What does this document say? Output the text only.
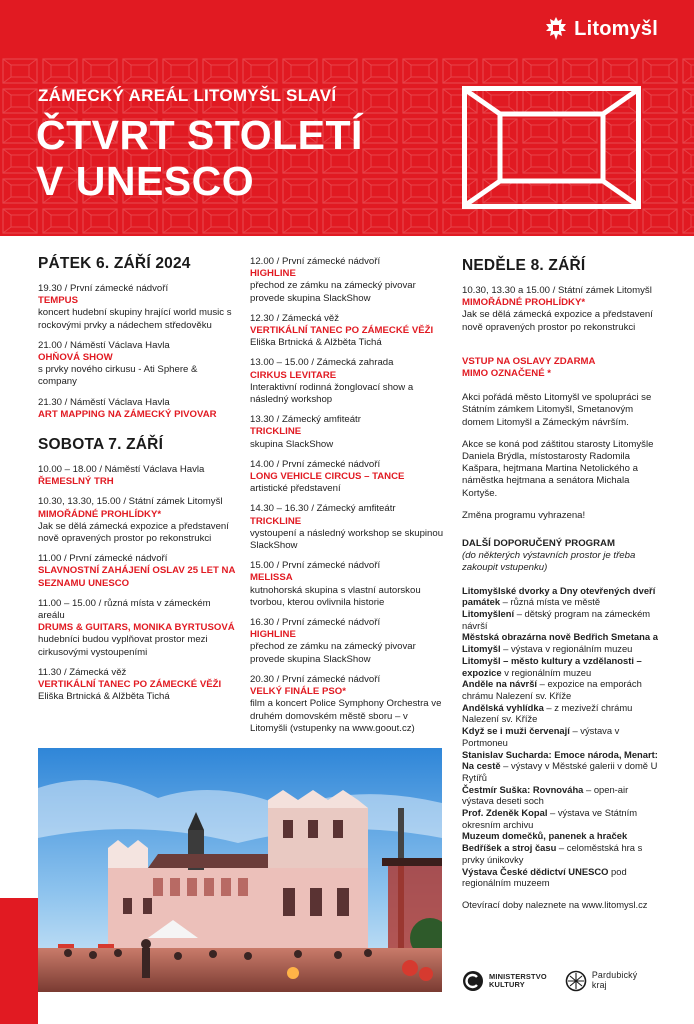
Litomyšl
ZÁMECKÝ AREÁL LITOMYŠL SLAVÍ
ČTVRT STOLETÍ
V UNESCO
PÁTEK 6. ZÁŘÍ 2024
19.30 / První zámecké nádvoří
TEMPUS
koncert hudební skupiny hrající world music s rockovými prvky a nádechem středověku
21.00 / Náměstí Václava Havla
OHŇOVÁ SHOW
s prvky nového cirkusu - Ati Sphere & company
21.30 / Náměstí Václava Havla
ART MAPPING NA ZÁMECKÝ PIVOVAR
SOBOTA 7. ZÁŘÍ
10.00 – 18.00 / Náměstí Václava Havla
ŘEMESLNÝ TRH
10.30, 13.30, 15.00 / Státní zámek Litomyšl
MIMOŘÁDNÉ PROHLÍDKY*
Jak se dělá zámecká expozice a představení nově opravených prostor po rekonstrukci
11.00 / První zámecké nádvoří
SLAVNOSTNÍ ZAHÁJENÍ OSLAV 25 LET NA SEZNAMU UNESCO
11.00 – 15.00 / různá místa v zámeckém areálu
DRUMS & GUITARS, MONIKA BYRTUSOVÁ
hudebníci budou vyplňovat prostor mezi cirkusovými vystoupeními
11.30 / Zámecká věž
VERTIKÁLNÍ TANEC PO ZÁMECKÉ VĚŽI
Eliška Brtnická & Alžběta Tichá
12.00 / První zámecké nádvoří
HIGHLINE
přechod ze zámku na zámecký pivovar provede skupina SlackShow
12.30 / Zámecká věž
VERTIKÁLNÍ TANEC PO ZÁMECKÉ VĚŽI
Eliška Brtnická & Alžběta Tichá
13.00 – 15.00 / Zámecká zahrada
CIRKUS LEVITARE
Interaktivní rodinná žonglovací show a následný workshop
13.30 / Zámecký amfiteátr
TRICKLINE
skupina SlackShow
14.00 / První zámecké nádvoří
LONG VEHICLE CIRCUS – TANCE
artistické představení
14.30 – 16.30 / Zámecký amfiteátr
TRICKLINE
vystoupení a následný workshop se skupinou SlackShow
15.00 / První zámecké nádvoří
MELISSA
kutnohorská skupina s vlastní autorskou tvorbou, kterou ovlivnila historie
16.30 / První zámecké nádvoří
HIGHLINE
přechod ze zámku na zámecký pivovar provede skupina SlackShow
20.30 / První zámecké nádvoří
VELKÝ FINÁLE PSO*
film a koncert Police Symphony Orchestra ve druhém domovském městě sboru – v Litomyšli (vstupenky na www.goout.cz)
NEDĚLE 8. ZÁŘÍ
10.30, 13.30 a 15.00 / Státní zámek Litomyšl
MIMOŘÁDNÉ PROHLÍDKY*
Jak se dělá zámecká expozice a představení nově opravených prostor po rekonstrukci
VSTUP NA OSLAVY ZDARMA
MIMO OZNAČENÉ *
Akci pořádá město Litomyšl ve spolupráci se Státním zámkem Litomyšl, Smetanovým domem Litomyšl a Zámeckým návrším.
Akce se koná pod záštitou starosty Litomyšle Daniela Brýdla, místostarosty Radomila Kašpara, hejtmana Martina Netolického a náměstka hejtmana a senátora Michala Kortyše.
Změna programu vyhrazena!
DALŠÍ DOPORUČENÝ PROGRAM
(do některých výstavních prostor je třeba zakoupit vstupenku)
Litomyšlské dvorky a Dny otevřených dveří památek – různá místa ve městě
Litomyšlení – dětský program na zámeckém návrší
Městská obrazárna nově Bedřich Smetana a Litomyšl – výstava v regionálním muzeu
Litomyšl – město kultury a vzdělanosti – expozice v regionálním muzeu
Anděle na návrší – expozice na emporách chrámu Nalezení sv. Kříže
Andělská vyhlídka – z meziveží chrámu Nalezení sv. Kříže
Když se i muži červenají – výstava v Portmoneu
Stanislav Sucharda: Emoce národa, Menart: Na cestě – výstavy v Městské galerii v domě U Rytířů
Čestmír Suška: Rovnováha – open-air výstava deseti soch
Prof. Zdeněk Kopal – výstava ve Státním okresním archivu
Muzeum domečků, panenek a hraček Bedříšek a stroj času – celoměstská hra s prvky únikovky
Výstava České dědictví UNESCO pod regionálním muzeem
Otevírací doby naleznete na www.litomysl.cz
MINISTERSTVO
KULTURY
Pardubický
kraj
